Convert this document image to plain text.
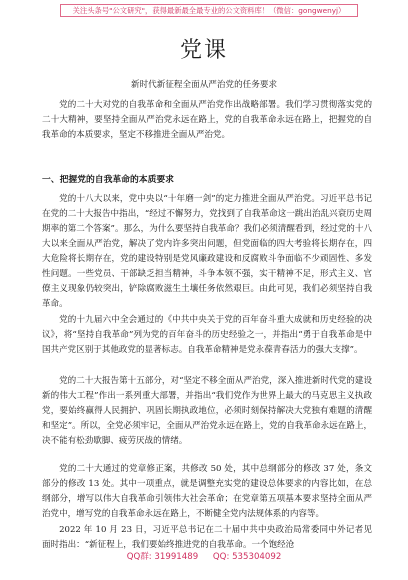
关注头条号"公文研究"，获得最新最全最专业的公文资料库！（微信：gongwenyj）
党课
新时代新征程全面从严治党的任务要求

党的二十大对党的自我革命和全面从严治党作出战略部署。我们学习贯彻落实党的二十大精神，要坚持全面从严治党永远在路上，党的自我革命永远在路上，把握党的自我革命的本质要求，坚定不移推进全面从严治党。

一、把握党的自我革命的本质要求

党的十八大以来，党中央以“十年磨一剑”的定力推进全面从严治党。习近平总书记在党的二十大报告中指出，“经过不懈努力，党找到了自我革命这一跳出治乱兴衰历史周期率的第二个答案”。那么，为什么要坚持自我革命？我们必须清醒看到，经过党的十八大以来全面从严治党，解决了党内许多突出问题，但党面临的四大考验将长期存在，四大危险将长期存在，党的建设特别是党风廉政建设和反腐败斗争面临不少顽固性、多发性问题。一些党员、干部缺乏担当精神，斗争本领不强，实干精神不足，形式主义、官僚主义现象仍较突出，铲除腐败滋生土壤任务依然艰巨。由此可见，我们必须坚持自我革命。

党的十九届六中全会通过的《中共中央关于党的百年奋斗重大成就和历史经验的决议》，将“坚持自我革命”列为党的百年奋斗的历史经验之一，并指出“勇于自我革命是中国共产党区别于其他政党的显著标志。自我革命精神是党永葆青春活力的强大支撑”。

党的二十大报告第十五部分，对“坚定不移全面从严治党，深入推进新时代党的建设新的伟大工程”作出一系列重大部署，并指出“我们党作为世界上最大的马克思主义执政党，要始终赢得人民拥护、巩固长期执政地位，必须时刻保持解决大党独有难题的清醒和坚定”。所以，全党必须牢记，全面从严治党永远在路上，党的自我革命永远在路上，决不能有松劲歇脚、疲劳厌战的情绪。

党的二十大通过的党章修正案，共修改 50 处，其中总纲部分的修改 37 处，条文部分的修改 13 处。其中一项重点，就是调整充实党的建设总体要求的内容比如，在总纲部分，增写以伟大自我革命引领伟大社会革命；在党章第五项基本要求坚持全面从严治党中，增写党的自我革命永远在路上，不断健全党内法规体系的内容等。

2022 年 10 月 23 日，习近平总书记在二十届中共中央政治局常委同中外记者见面时指出：“新征程上，我们要始终推进党的自我革命。一个饱经沧

QQ群: 31991489 QQ: 535304092
